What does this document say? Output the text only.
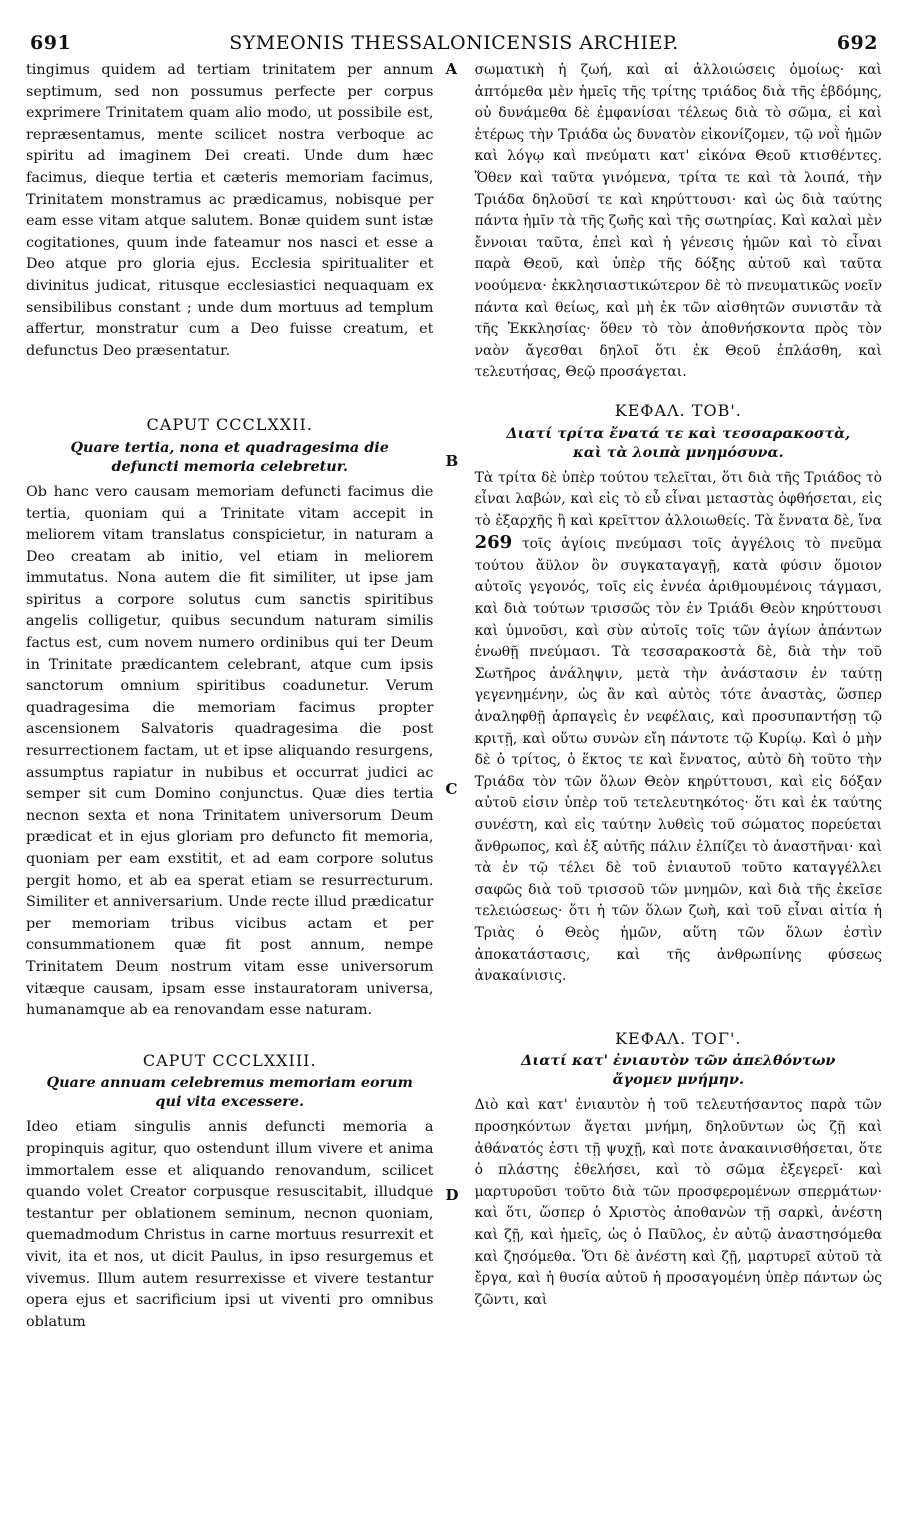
691	SYMEONIS THESSALONICENSIS ARCHIEP.	692

tingimus quidem ad tertiam trinitatem per annum septimum, sed non possumus perfecte per corpus exprimere Trinitatem quam alio modo, ut possibile est, repræsentamus, mente scilicet nostra verboque ac spiritu ad imaginem Dei creati. Unde dum hæc facimus, dieque tertia et cæteris memoriam facimus, Trinitatem monstramus ac prædicamus, nobisque per eam esse vitam atque salutem. Bonæ quidem sunt istæ cogitationes, quum inde fateamur nos nasci et esse a Deo atque pro gloria ejus. Ecclesia spiritualiter et divinitus judicat, ritusque ecclesiastici nequaquam ex sensibilibus constant ; unde dum mortuus ad templum affertur, monstratur cum a Deo fuisse creatum, et defunctus Deo præsentatur.

CAPUT CCCLXXII.
Quare tertia, nona et quadragesima die defuncti memoria celebretur.

Ob hanc vero causam memoriam defuncti facimus die tertia, quoniam qui a Trinitate vitam accepit in meliorem vitam translatus conspicietur, in naturam a Deo creatam ab initio, vel etiam in meliorem immutatus. Nona autem die fit similiter, ut ipse jam spiritus a corpore solutus cum sanctis spiritibus angelis colligetur, quibus secundum naturam similis factus est, cum novem numero ordinibus qui ter Deum in Trinitate prædicantem celebrant, atque cum ipsis sanctorum omnium spiritibus coadunetur. Verum quadragesima die memoriam facimus propter ascensionem Salvatoris quadragesima die post resurrectionem factam, ut et ipse aliquando resurgens, assumptus rapiatur in nubibus et occurrat judici ac semper sit cum Domino conjunctus. Quæ dies tertia necnon sexta et nona Trinitatem universorum Deum prædicat et in ejus gloriam pro defuncto fit memoria, quoniam per eam exstitit, et ad eam corpore solutus pergit homo, et ab ea sperat etiam se resurrecturum. Similiter et anniversarium. Unde recte illud prædicatur per memoriam tribus vicibus actam et per consummationem quæ fit post annum, nempe Trinitatem Deum nostrum vitam esse universorum vitæque causam, ipsam esse instauratoram universa, humanamque ab ea renovandam esse naturam.

CAPUT CCCLXXIII.
Quare annuam celebremus memoriam eorum qui vita excessere.

Ideo etiam singulis annis defuncti memoria a propinquis agitur, quo ostendunt illum vivere et anima immortalem esse et aliquando renovandum, scilicet quando volet Creator corpusque resuscitabit, illudque testantur per oblationem seminum, necnon quoniam, quemadmodum Christus in carne mortuus resurrexit et vivit, ita et nos, ut dicit Paulus, in ipso resurgemus et vivemus. Illum autem resurrexisse et vivere testantur opera ejus et sacrificium ipsi ut viventi pro omnibus oblatum

A
B
C
D

σωματικὴ ἡ ζωή, καὶ αἱ ἀλλοιώσεις ὁμοίως· καὶ ἀπτόμεθα μὲν ἡμεῖς τῆς τρίτης τριάδος διὰ τῆς ἑβδόμης, οὐ δυνάμεθα δὲ ἐμφανίσαι τέλεως διὰ τὸ σῶμα, εἰ καὶ ἑτέρως τὴν Τριάδα ὡς δυνατὸν εἰκονίζομεν, τῷ νοῒ ἡμῶν καὶ λόγῳ καὶ πνεύματι κατ' εἰκόνα Θεοῦ κτισθέντες. Ὅθεν καὶ ταῦτα γινόμενα, τρίτα τε καὶ τὰ λοιπά, τὴν Τριάδα δηλοῦσί τε καὶ κηρύττουσι· καὶ ὡς διὰ ταύτης πάντα ἡμῖν τὰ τῆς ζωῆς καὶ τῆς σωτηρίας. Καὶ καλαὶ μὲν ἔννοιαι ταῦτα, ἐπεὶ καὶ ἡ γένεσις ἡμῶν καὶ τὸ εἶναι παρὰ Θεοῦ, καὶ ὑπὲρ τῆς δόξης αὐτοῦ καὶ ταῦτα νοούμενα· ἐκκλησιαστικώτερον δὲ τὸ πνευματικῶς νοεῖν πάντα καὶ θείως, καὶ μὴ ἐκ τῶν αἰσθητῶν συνιστᾶν τὰ τῆς Ἐκκλησίας· ὅθεν τὸ τὸν ἀποθνήσκοντα πρὸς τὸν ναὸν ἄγεσθαι δηλοῖ ὅτι ἐκ Θεοῦ ἐπλάσθη, καὶ τελευτήσας, Θεῷ προσάγεται.

ΚΕΦΑΛ. ΤΟΒ'.
Διατί τρίτα ἔνατά τε καὶ τεσσαρακοστὰ, καὶ τὰ λοιπὰ μνημόσυνα.

Τὰ τρίτα δὲ ὑπὲρ τούτου τελεῖται, ὅτι διὰ τῆς Τριάδος τὸ εἶναι λαβών, καὶ εἰς τὸ εὖ εἶναι μεταστὰς ὀφθήσεται, εἰς τὸ ἐξαρχῆς ἢ καὶ κρεῖττον ἀλλοιωθείς. Τὰ ἔννατα δὲ, ἵνα 269 τοῖς ἁγίοις πνεύμασι τοῖς ἀγγέλοις τὸ πνεῦμα τούτου ἄϋλον ὂν συγκαταγαγῇ, κατὰ φύσιν ὅμοιον αὐτοῖς γεγονός, τοῖς εἰς ἐννέα ἀριθμουμένοις τάγμασι, καὶ διὰ τούτων τρισσῶς τὸν ἐν Τριάδι Θεὸν κηρύττουσι καὶ ὑμνοῦσι, καὶ σὺν αὐτοῖς τοῖς τῶν ἁγίων ἁπάντων ἑνωθῇ πνεύμασι. Τὰ τεσσαρακοστὰ δὲ, διὰ τὴν τοῦ Σωτῆρος ἀνάληψιν, μετὰ τὴν ἀνάστασιν ἐν ταύτῃ γεγενημένην, ὡς ἂν καὶ αὐτὸς τότε ἀναστὰς, ὥσπερ ἀναληφθῇ ἁρπαγεὶς ἐν νεφέλαις, καὶ προσυπαντήσῃ τῷ κριτῇ, καὶ οὕτω συνὼν εἴη πάντοτε τῷ Κυρίῳ. Καὶ ὁ μὴν δὲ ὁ τρίτος, ὁ ἕκτος τε καὶ ἔννατος, αὐτὸ δὴ τοῦτο τὴν Τριάδα τὸν τῶν ὅλων Θεὸν κηρύττουσι, καὶ εἰς δόξαν αὐτοῦ εἰσιν ὑπὲρ τοῦ τετελευτηκότος· ὅτι καὶ ἐκ ταύτης συνέστη, καὶ εἰς ταύτην λυθεὶς τοῦ σώματος πορεύεται ἄνθρωπος, καὶ ἐξ αὐτῆς πάλιν ἐλπίζει τὸ ἀναστῆναι· καὶ τὰ ἐν τῷ τέλει δὲ τοῦ ἐνιαυτοῦ τοῦτο καταγγέλλει σαφῶς διὰ τοῦ τρισσοῦ τῶν μνημῶν, καὶ διὰ τῆς ἐκεῖσε τελειώσεως· ὅτι ἡ τῶν ὅλων ζωὴ, καὶ τοῦ εἶναι αἰτία ἡ Τριὰς ὁ Θεὸς ἡμῶν, αὕτη τῶν ὅλων ἐστὶν ἀποκατάστασις, καὶ τῆς ἀνθρωπίνης φύσεως ἀνακαίνισις.

ΚΕΦΑΛ. ΤΟΓ'.
Διατί κατ' ἐνιαυτὸν τῶν ἀπελθόντων ἄγομεν μνήμην.

Διὸ καὶ κατ' ἐνιαυτὸν ἡ τοῦ τελευτήσαντος παρὰ τῶν προσηκόντων ἄγεται μνήμη, δηλοῦντων ὡς ζῇ καὶ ἀθάνατός ἐστι τῇ ψυχῇ, καὶ ποτε ἀνακαινισθήσεται, ὅτε ὁ πλάστης ἐθελήσει, καὶ τὸ σῶμα ἐξεγερεῖ· καὶ μαρτυροῦσι τοῦτο διὰ τῶν προσφερομένων σπερμάτων· καὶ ὅτι, ὥσπερ ὁ Χριστὸς ἀποθανὼν τῇ σαρκὶ, ἀνέστη καὶ ζῇ, καὶ ἡμεῖς, ὡς ὁ Παῦλος, ἐν αὐτῷ ἀναστησόμεθα καὶ ζησόμεθα. Ὅτι δὲ ἀνέστη καὶ ζῇ, μαρτυρεῖ αὐτοῦ τὰ ἔργα, καὶ ἡ θυσία αὐτοῦ ἡ προσαγομένη ὑπὲρ πάντων ὡς ζῶντι, καὶ
